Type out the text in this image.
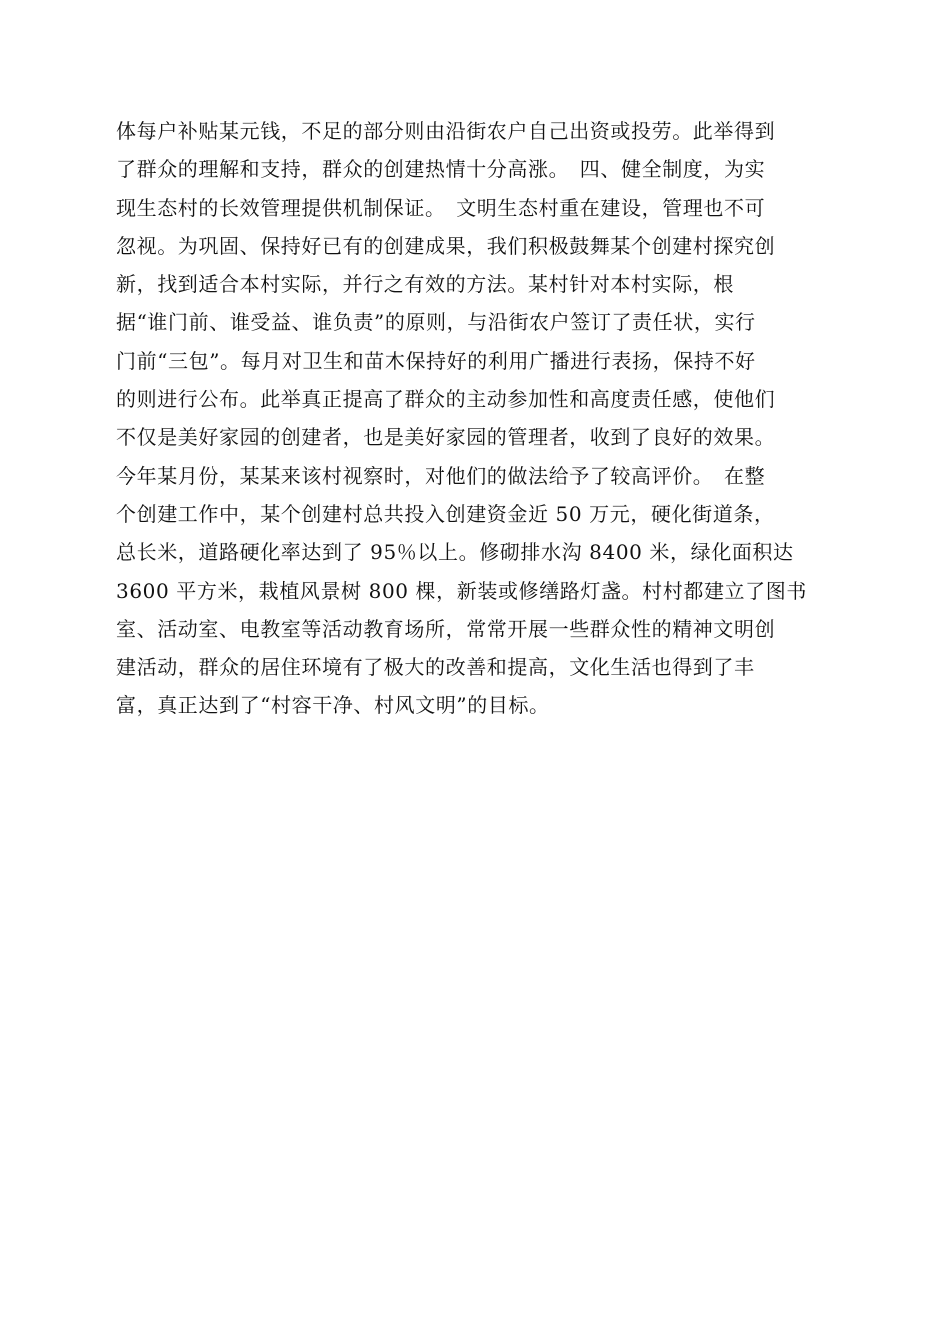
体每户补贴某元钱，不足的部分则由沿街农户自己出资或投劳。此举得到
了群众的理解和支持，群众的创建热情十分高涨。　四、健全制度，为实
现生态村的长效管理提供机制保证。　文明生态村重在建设，管理也不可
忽视。为巩固、保持好已有的创建成果，我们积极鼓舞某个创建村探究创
新，找到适合本村实际，并行之有效的方法。某村针对本村实际，根
据“谁门前、谁受益、谁负责”的原则，与沿街农户签订了责任状，实行
门前“三包”。每月对卫生和苗木保持好的利用广播进行表扬，保持不好
的则进行公布。此举真正提高了群众的主动参加性和高度责任感，使他们
不仅是美好家园的创建者，也是美好家园的管理者，收到了良好的效果。
今年某月份，某某来该村视察时，对他们的做法给予了较高评价。　在整
个创建工作中，某个创建村总共投入创建资金近 50 万元，硬化街道条，
总长米，道路硬化率达到了 95％以上。修砌排水沟 8400 米，绿化面积达
3600 平方米，栽植风景树 800 棵，新装或修缮路灯盏。村村都建立了图书
室、活动室、电教室等活动教育场所，常常开展一些群众性的精神文明创
建活动，群众的居住环境有了极大的改善和提高，文化生活也得到了丰
富，真正达到了“村容干净、村风文明”的目标。
